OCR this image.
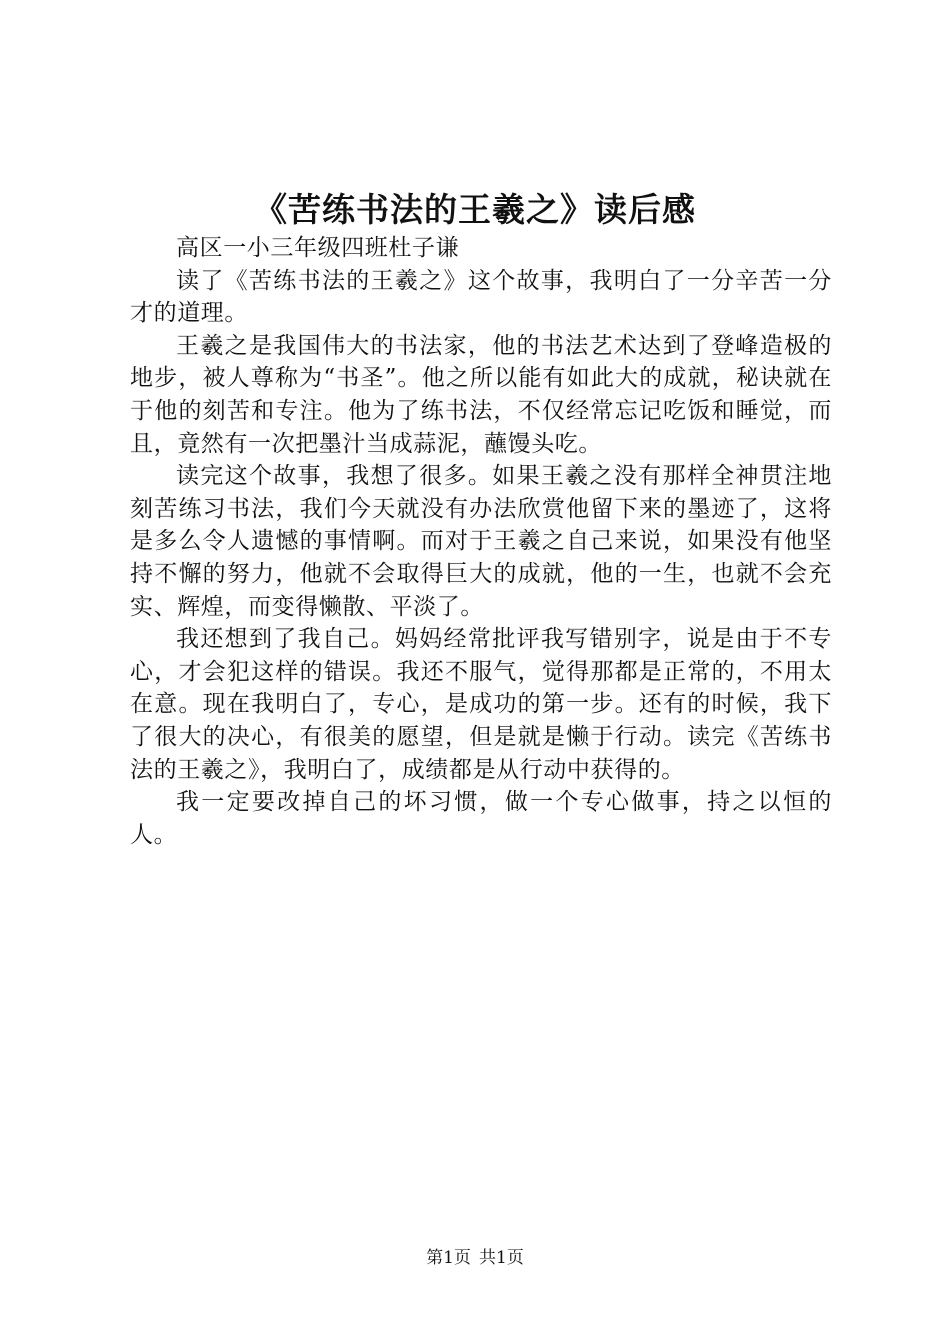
《苦练书法的王羲之》读后感

高区一小三年级四班杜子谦

读了《苦练书法的王羲之》这个故事，我明白了一分辛苦一分才的道理。

王羲之是我国伟大的书法家，他的书法艺术达到了登峰造极的地步，被人尊称为“书圣”。他之所以能有如此大的成就，秘诀就在于他的刻苦和专注。他为了练书法，不仅经常忘记吃饭和睡觉，而且，竟然有一次把墨汁当成蒜泥，蘸馒头吃。

读完这个故事，我想了很多。如果王羲之没有那样全神贯注地刻苦练习书法，我们今天就没有办法欣赏他留下来的墨迹了，这将是多么令人遗憾的事情啊。而对于王羲之自己来说，如果没有他坚持不懈的努力，他就不会取得巨大的成就，他的一生，也就不会充实、辉煌，而变得懒散、平淡了。

我还想到了我自己。妈妈经常批评我写错别字，说是由于不专心，才会犯这样的错误。我还不服气，觉得那都是正常的，不用太在意。现在我明白了，专心，是成功的第一步。还有的时候，我下了很大的决心，有很美的愿望，但是就是懒于行动。读完《苦练书法的王羲之》，我明白了，成绩都是从行动中获得的。

我一定要改掉自己的坏习惯，做一个专心做事，持之以恒的人。

第1页 共1页
